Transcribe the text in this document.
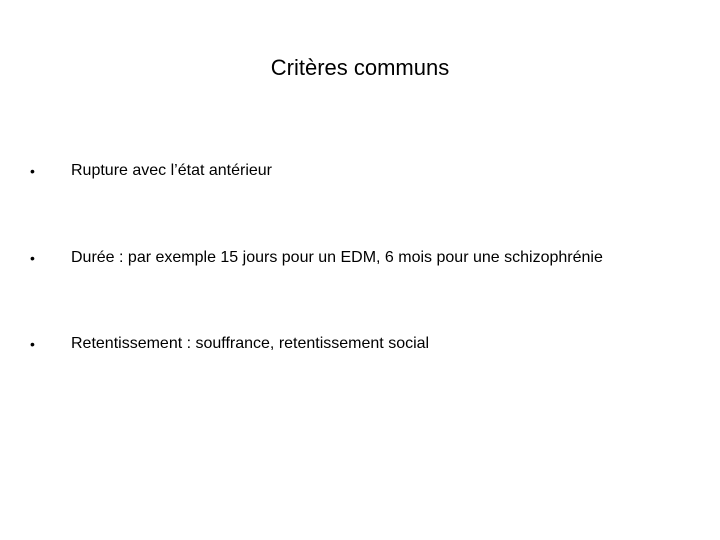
Critères communs
•	Rupture avec l’état antérieur
•	Durée : par exemple 15 jours pour un EDM, 6 mois pour une schizophrénie
•	Retentissement : souffrance, retentissement social
